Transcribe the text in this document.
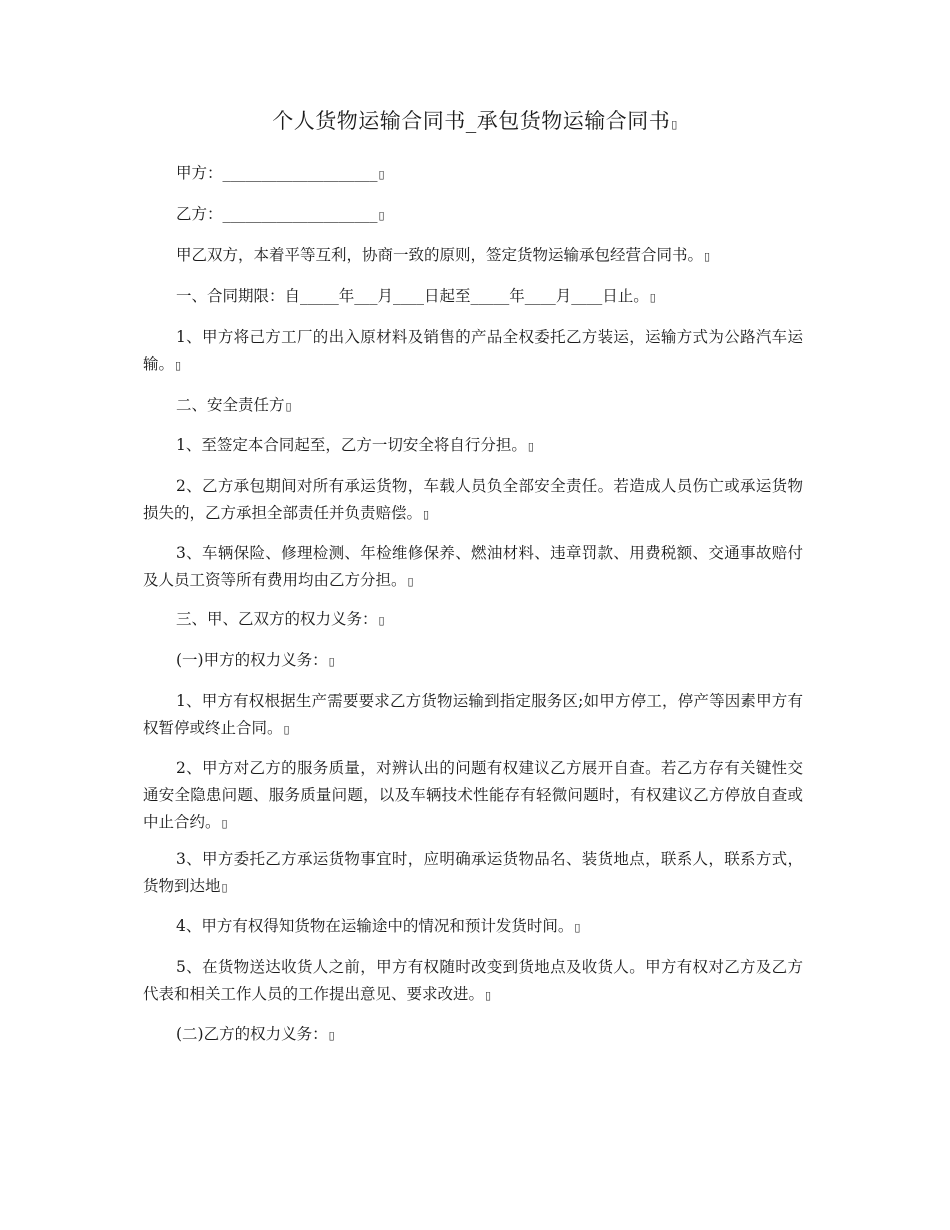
个人货物运输合同书_承包货物运输合同书▯

甲方：____________________▯

乙方：____________________▯

甲乙双方，本着平等互利，协商一致的原则，签定货物运输承包经营合同书。▯

一、合同期限：自_____年___月____日起至_____年____月____日止。▯

1、甲方将己方工厂的出入原材料及销售的产品全权委托乙方装运，运输方式为公路汽车运输。▯

二、安全责任方▯

1、至签定本合同起至，乙方一切安全将自行分担。▯

2、乙方承包期间对所有承运货物，车载人员负全部安全责任。若造成人员伤亡或承运货物损失的，乙方承担全部责任并负责赔偿。▯

3、车辆保险、修理检测、年检维修保养、燃油材料、违章罚款、用费税额、交通事故赔付及人员工资等所有费用均由乙方分担。▯

三、甲、乙双方的权力义务：▯

(一)甲方的权力义务：▯

1、甲方有权根据生产需要要求乙方货物运输到指定服务区;如甲方停工，停产等因素甲方有权暂停或终止合同。▯

2、甲方对乙方的服务质量，对辨认出的问题有权建议乙方展开自查。若乙方存有关键性交通安全隐患问题、服务质量问题，以及车辆技术性能存有轻微问题时，有权建议乙方停放自查或中止合约。▯

3、甲方委托乙方承运货物事宜时，应明确承运货物品名、装货地点，联系人，联系方式，货物到达地▯

4、甲方有权得知货物在运输途中的情况和预计发货时间。▯

5、在货物送达收货人之前，甲方有权随时改变到货地点及收货人。甲方有权对乙方及乙方代表和相关工作人员的工作提出意见、要求改进。▯

(二)乙方的权力义务：▯
